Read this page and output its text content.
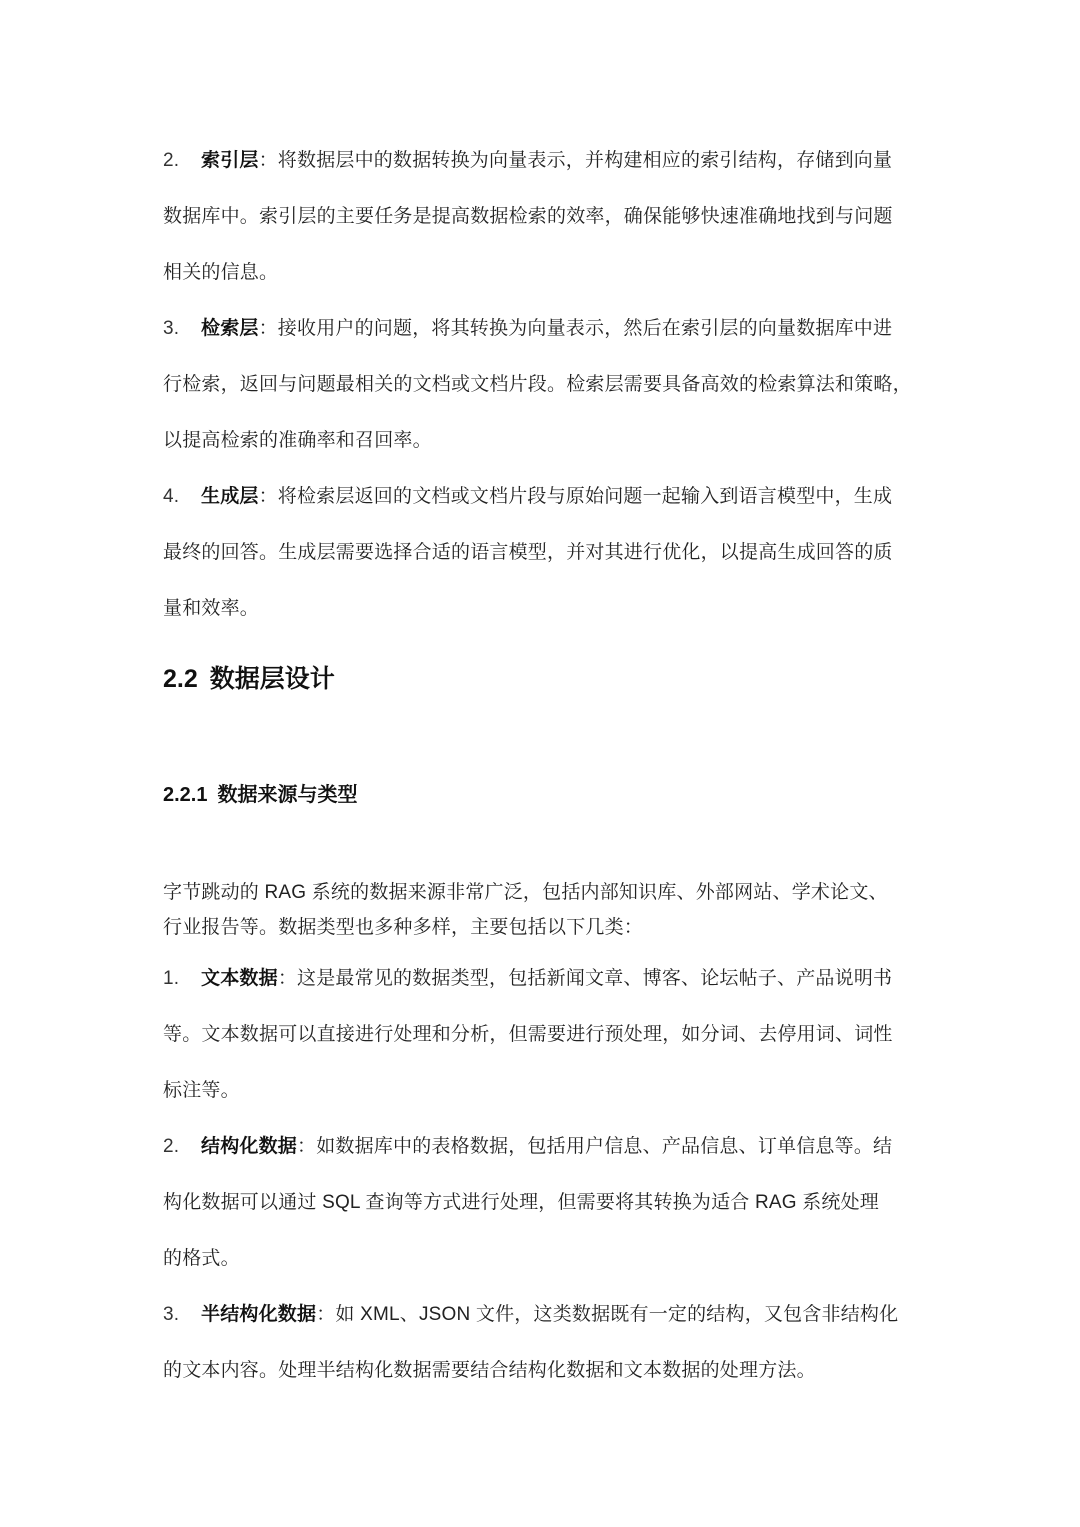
2. 索引层：将数据层中的数据转换为向量表示，并构建相应的索引结构，存储到向量
数据库中。索引层的主要任务是提高数据检索的效率，确保能够快速准确地找到与问题
相关的信息。
3. 检索层：接收用户的问题，将其转换为向量表示，然后在索引层的向量数据库中进
行检索，返回与问题最相关的文档或文档片段。检索层需要具备高效的检索算法和策略，
以提高检索的准确率和召回率。
4. 生成层：将检索层返回的文档或文档片段与原始问题一起输入到语言模型中，生成
最终的回答。生成层需要选择合适的语言模型，并对其进行优化，以提高生成回答的质
量和效率。
2.2 数据层设计
2.2.1 数据来源与类型
字节跳动的 RAG 系统的数据来源非常广泛，包括内部知识库、外部网站、学术论文、
行业报告等。数据类型也多种多样，主要包括以下几类：
1. 文本数据：这是最常见的数据类型，包括新闻文章、博客、论坛帖子、产品说明书
等。文本数据可以直接进行处理和分析，但需要进行预处理，如分词、去停用词、词性
标注等。
2. 结构化数据：如数据库中的表格数据，包括用户信息、产品信息、订单信息等。结
构化数据可以通过 SQL 查询等方式进行处理，但需要将其转换为适合 RAG 系统处理
的格式。
3. 半结构化数据：如 XML、JSON 文件，这类数据既有一定的结构，又包含非结构化
的文本内容。处理半结构化数据需要结合结构化数据和文本数据的处理方法。
